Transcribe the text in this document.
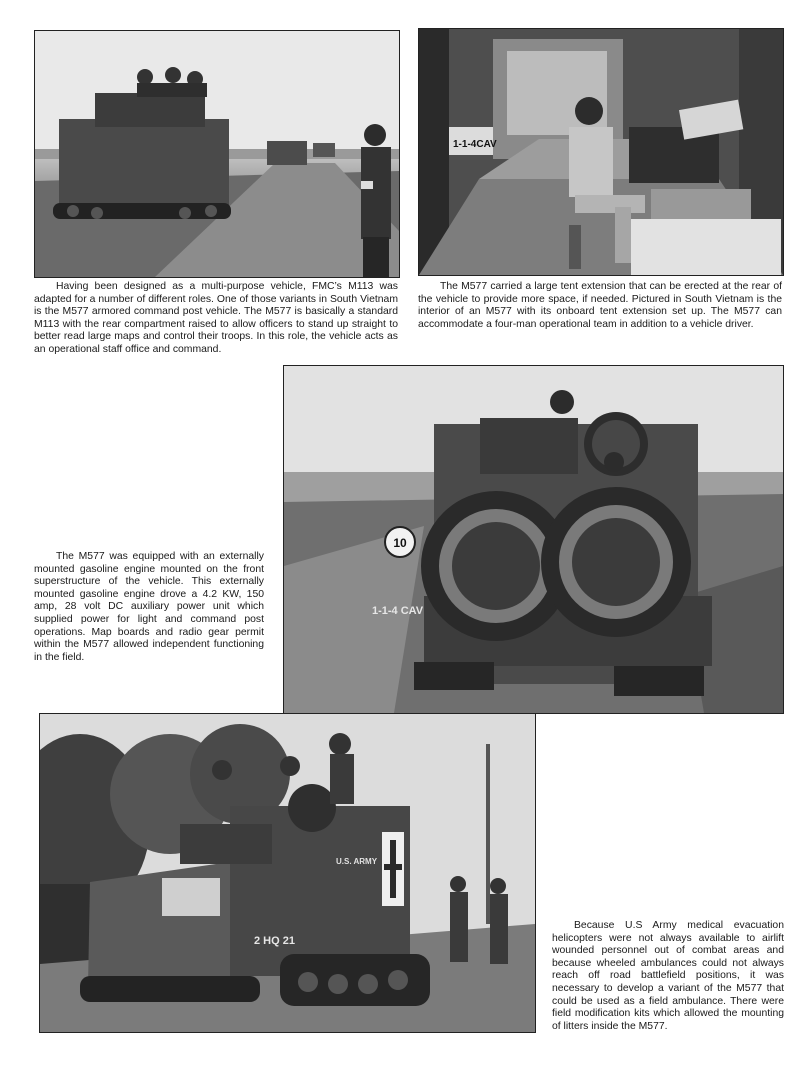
1-1-4CAV

Having been designed as a multi-purpose vehicle, FMC’s M113 was adapted for a number of different roles. One of those variants in South Vietnam is the M577 armored command post vehicle. The M577 is basically a standard M113 with the rear compartment raised to allow officers to stand up straight to better read large maps and control their troops. In this role, the vehicle acts as an operational staff office and command.

The M577 carried a large tent extension that can be erected at the rear of the vehicle to provide more space, if needed. Pictured in South Vietnam is the interior of an M577 with its onboard tent extension set up. The M577 can accommodate a four-man operational team in addition to a vehicle driver.

10
1-1-4 CAV

The M577 was equipped with an externally mounted gasoline engine mounted on the front superstructure of the vehicle. This externally mounted gasoline engine drove a 4.2 KW, 150 amp, 28 volt DC auxiliary power unit which supplied power for light and command post operations. Map boards and radio gear permit within the M577 allowed independent functioning in the field.

U.S. ARMY
2 HQ 21

Because U.S Army medical evacuation helicopters were not always available to airlift wounded personnel out of combat areas and because wheeled ambulances could not always reach off road battlefield positions, it was necessary to develop a variant of the M577 that could be used as a field ambulance. There were field modification kits which allowed the mounting of litters inside the M577.
